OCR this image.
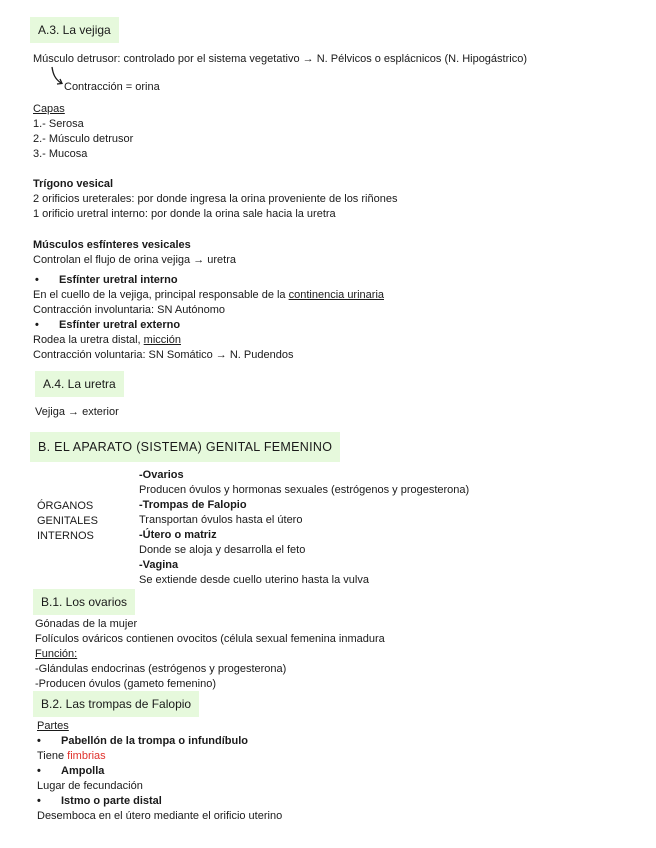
A.3. La vejiga
Músculo detrusor: controlado por el sistema vegetativo → N. Pélvicos o esplácnicos (N. Hipogástrico)
Contracción = orina
Capas
1.- Serosa
2.- Músculo detrusor
3.- Mucosa
Trígono vesical
2 orificios ureterales: por donde ingresa la orina proveniente de los riñones
1 orificio uretral interno: por donde la orina sale hacia la uretra
Músculos esfínteres vesicales
Controlan el flujo de orina vejiga → uretra
• Esfínter uretral interno
En el cuello de la vejiga, principal responsable de la continencia urinaria
Contracción involuntaria: SN Autónomo
• Esfínter uretral externo
Rodea la uretra distal, micción
Contracción voluntaria: SN Somático → N. Pudendos
A.4. La uretra
Vejiga → exterior
B. EL APARATO (SISTEMA) GENITAL FEMENINO
ÓRGANOS
GENITALES
INTERNOS
-Ovarios
Producen óvulos y hormonas sexuales (estrógenos y progesterona)
-Trompas de Falopio
Transportan óvulos hasta el útero
-Útero o matriz
Donde se aloja y desarrolla el feto
-Vagina
Se extiende desde cuello uterino hasta la vulva
B.1. Los ovarios
Gónadas de la mujer
Folículos ováricos contienen ovocitos (célula sexual femenina inmadura
Función:
-Glándulas endocrinas (estrógenos y progesterona)
-Producen óvulos (gameto femenino)
B.2. Las trompas de Falopio
Partes
• Pabellón de la trompa o infundíbulo
Tiene fimbrias
• Ampolla
Lugar de fecundación
• Istmo o parte distal
Desemboca en el útero mediante el orificio uterino
